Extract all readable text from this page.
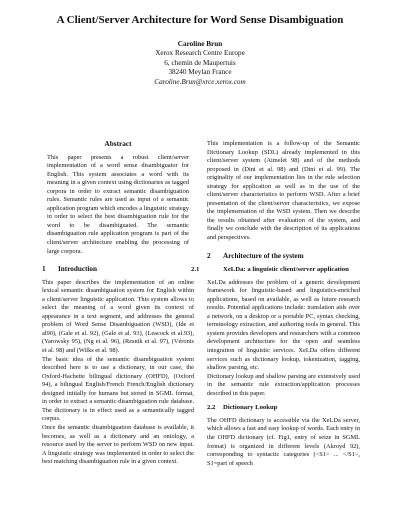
A Client/Server Architecture for Word Sense Disambiguation
Caroline Brun
Xerox Research Centre Europe
6, chemin de Maupertuis
38240 Meylan France
Caroline.Brun@xrce.xerox.com
Abstract

This paper presents a robust client/server implementation of a word sense disambiguator for English. This system associates a word with its meaning in a given context using dictionaries as tagged corpora in order to extract semantic disambiguation rules. Semantic rules are used as input of a semantic application program which encodes a linguistic strategy in order to select the best disambiguation rule for the word to be disambiguated. The semantic disambiguation rule application program is part of the client/server architecture enabling the processing of large corpora.

1 Introduction

This paper describes the implementation of an online lexical semantic disambiguation system for English within a client/server linguistic application. This system allows to select the meaning of a word given its context of appearance in a text segment, and addresses the general problem of Word Sense Disambiguation (WSD), (Ide et al90), (Gale et al. 92), (Gale et al. 93), (Leacock et al.93), (Yarowsky 95), (Ng et al. 96), (Resnik et al. 97), (Véronis et al. 98) and (Wilks et al. 98).

The basic idea of the semantic disambiguation system described here is to use a dictionary, in our case, the Oxford-Hachette bilingual dictionary (OHFD), (Oxford 94), a bilingual English/French French/English dictionary designed initially for humans but stored in SGML format, in order to extract a semantic disambiguation rule database. The dictionary is in effect used as a semantically tagged corpus.

Once the semantic disambiguation database is available, it becomes, as well as a dictionary and an ontology, a resource used by the server to perform WSD on new input. A linguistic strategy was implemented in order to select the best matching disambiguation rule in a given context.

This implementation is a follow-up of the Semantic Dictionary Lookup (SDL) already implemented in this client/server system (Aimelet 98) and of the methods proposed in (Dini et al. 98) and (Dini et al. 99). The originality of our implementation lies in the rule selection strategy for application as well as in the use of the client/server characteristics to perform WSD. After a brief presentation of the client/server characteristics, we expose the implementation of the WSD system. Then we describe the results obtained after evaluation of the system, and finally we conclude with the description of its applications and perspectives.

2 Architecture of the system
2.1	XeLDa: a linguistic client/server application

XeLDa addresses the problem of a generic development framework for linguistic-based and linguistics-enriched applications, based on available, as well as future research results. Potential applications include: translation aids over a network, on a desktop or a portable PC, syntax checking, terminology extraction, and authoring tools in general. This system provides developers and researchers with a common development architecture for the open and seamless integration of linguistic services. XeLDa offers different services such as dictionary lookup, tokenization, tagging, shallow parsing, etc.

Dictionary lookup and shallow parsing are extensively used in the semantic rule extraction/application processes described in this paper.

2.2 Dictionary Lookup

The OHFD dictionary is accessible via the XeLDa server, which allows a fast and easy lookup of words. Each entry in the OHFD dictionary (cf. Fig1, entry of seize in SGML format) is organized in different levels (Akroyd 92), corresponding to syntactic categories (<S1> ... </S1>, S1=part of speech
